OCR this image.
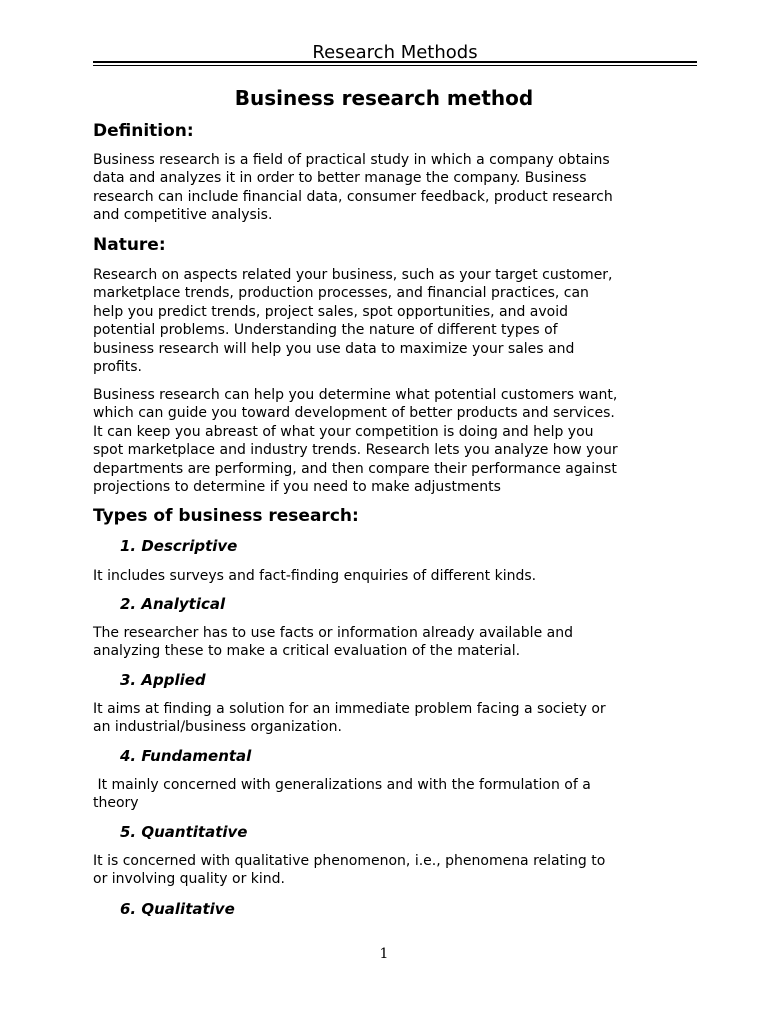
Research Methods
Business research method
Definition:
Business research is a field of practical study in which a company obtains
data and analyzes it in order to better manage the company. Business
research can include financial data, consumer feedback, product research
and competitive analysis.
Nature:
Research on aspects related your business, such as your target customer,
marketplace trends, production processes, and financial practices, can
help you predict trends, project sales, spot opportunities, and avoid
potential problems. Understanding the nature of different types of
business research will help you use data to maximize your sales and
profits.
Business research can help you determine what potential customers want,
which can guide you toward development of better products and services.
It can keep you abreast of what your competition is doing and help you
spot marketplace and industry trends. Research lets you analyze how your
departments are performing, and then compare their performance against
projections to determine if you need to make adjustments
Types of business research:
1. Descriptive
It includes surveys and fact-finding enquiries of different kinds.
2. Analytical
The researcher has to use facts or information already available and
analyzing these to make a critical evaluation of the material.
3. Applied
It aims at finding a solution for an immediate problem facing a society or
an industrial/business organization.
4. Fundamental
It mainly concerned with generalizations and with the formulation of a
theory
5. Quantitative
It is concerned with qualitative phenomenon, i.e., phenomena relating to
or involving quality or kind.
6. Qualitative
1
